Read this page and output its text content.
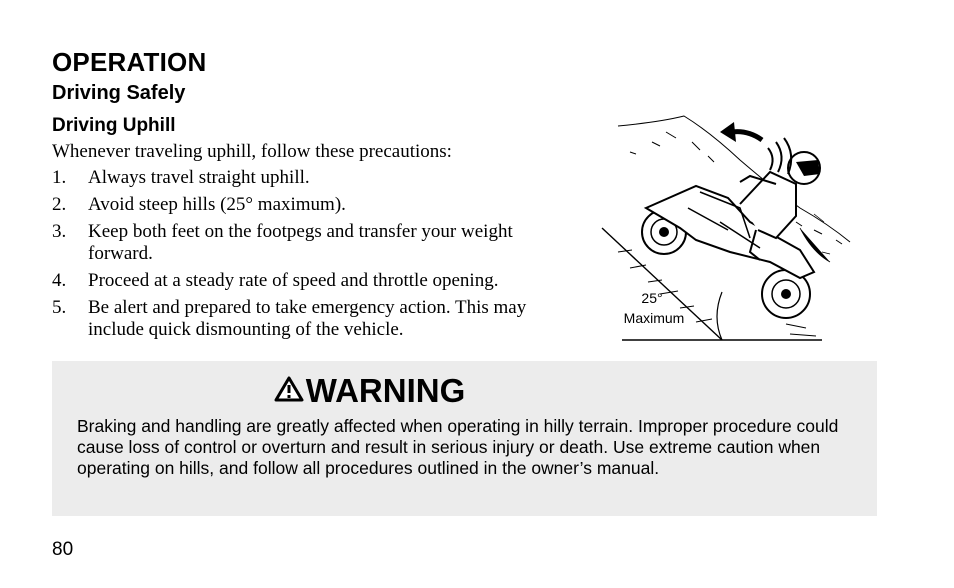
OPERATION
Driving Safely
Driving Uphill
Whenever traveling uphill, follow these precautions:
1. Always travel straight uphill.
2. Avoid steep hills (25° maximum).
3. Keep both feet on the footpegs and transfer your weight forward.
4. Proceed at a steady rate of speed and throttle opening.
5. Be alert and prepared to take emergency action. This may include quick dismounting of the vehicle.
25°
Maximum
WARNING
Braking and handling are greatly affected when operating in hilly terrain. Improper procedure could cause loss of control or overturn and result in serious injury or death. Use extreme caution when operating on hills, and follow all procedures outlined in the owner’s manual.
80
